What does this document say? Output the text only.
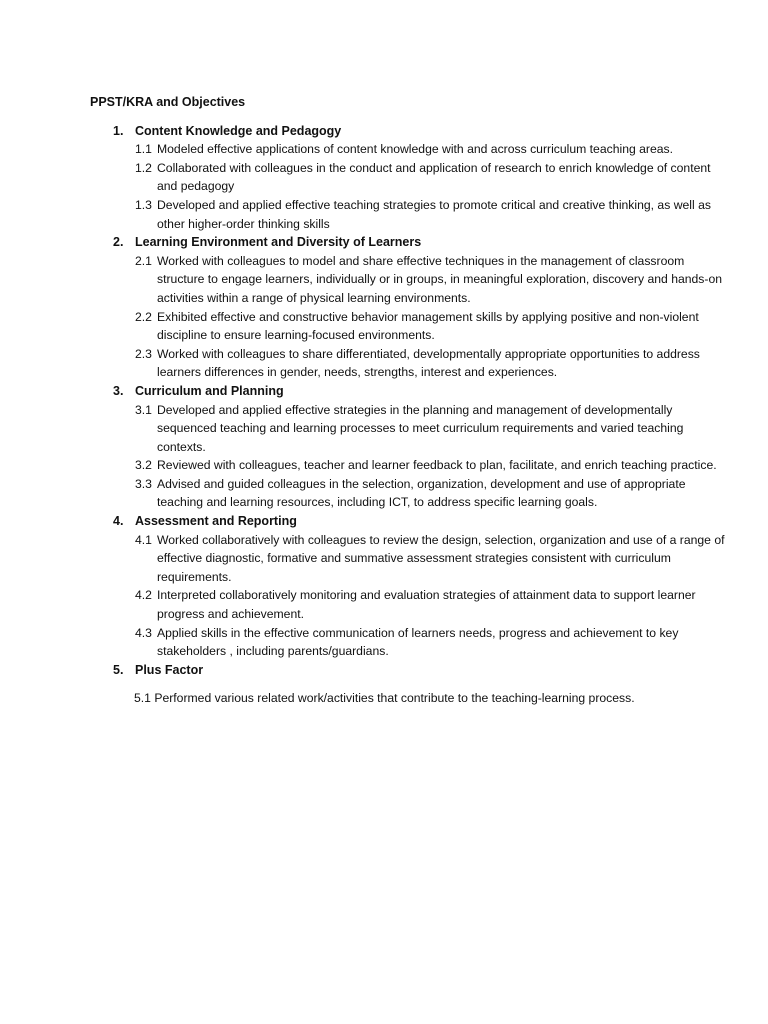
PPST/KRA and Objectives
1. Content Knowledge and Pedagogy
1.1 Modeled effective applications of content knowledge with and across curriculum teaching areas.
1.2 Collaborated with colleagues in the conduct and application of research to enrich knowledge of content and pedagogy
1.3 Developed and applied effective teaching strategies to promote critical and creative thinking, as well as other higher-order thinking skills
2. Learning Environment and Diversity of Learners
2.1 Worked with colleagues to model and share effective techniques in the management of classroom structure to engage learners, individually or in groups, in meaningful exploration, discovery and hands-on activities within a range of physical learning environments.
2.2 Exhibited effective and constructive behavior management skills by applying positive and non-violent discipline to ensure learning-focused environments.
2.3 Worked with colleagues to share differentiated, developmentally appropriate opportunities to address learners differences in gender, needs, strengths, interest and experiences.
3. Curriculum and Planning
3.1 Developed and applied effective strategies in the planning and management of developmentally sequenced teaching and learning processes to meet curriculum requirements and varied teaching contexts.
3.2 Reviewed with colleagues, teacher and learner feedback to plan, facilitate, and enrich teaching practice.
3.3 Advised and guided colleagues in the selection, organization, development and use of appropriate teaching and learning resources, including ICT, to address specific learning goals.
4. Assessment and Reporting
4.1 Worked collaboratively with colleagues to review the design, selection, organization and use of a range of effective diagnostic, formative and summative assessment strategies consistent with curriculum requirements.
4.2 Interpreted collaboratively monitoring and evaluation strategies of attainment data to support learner progress and achievement.
4.3 Applied skills in the effective communication of learners needs, progress and achievement to key stakeholders , including parents/guardians.
5. Plus Factor
5.1 Performed various related work/activities that contribute to the teaching-learning process.
